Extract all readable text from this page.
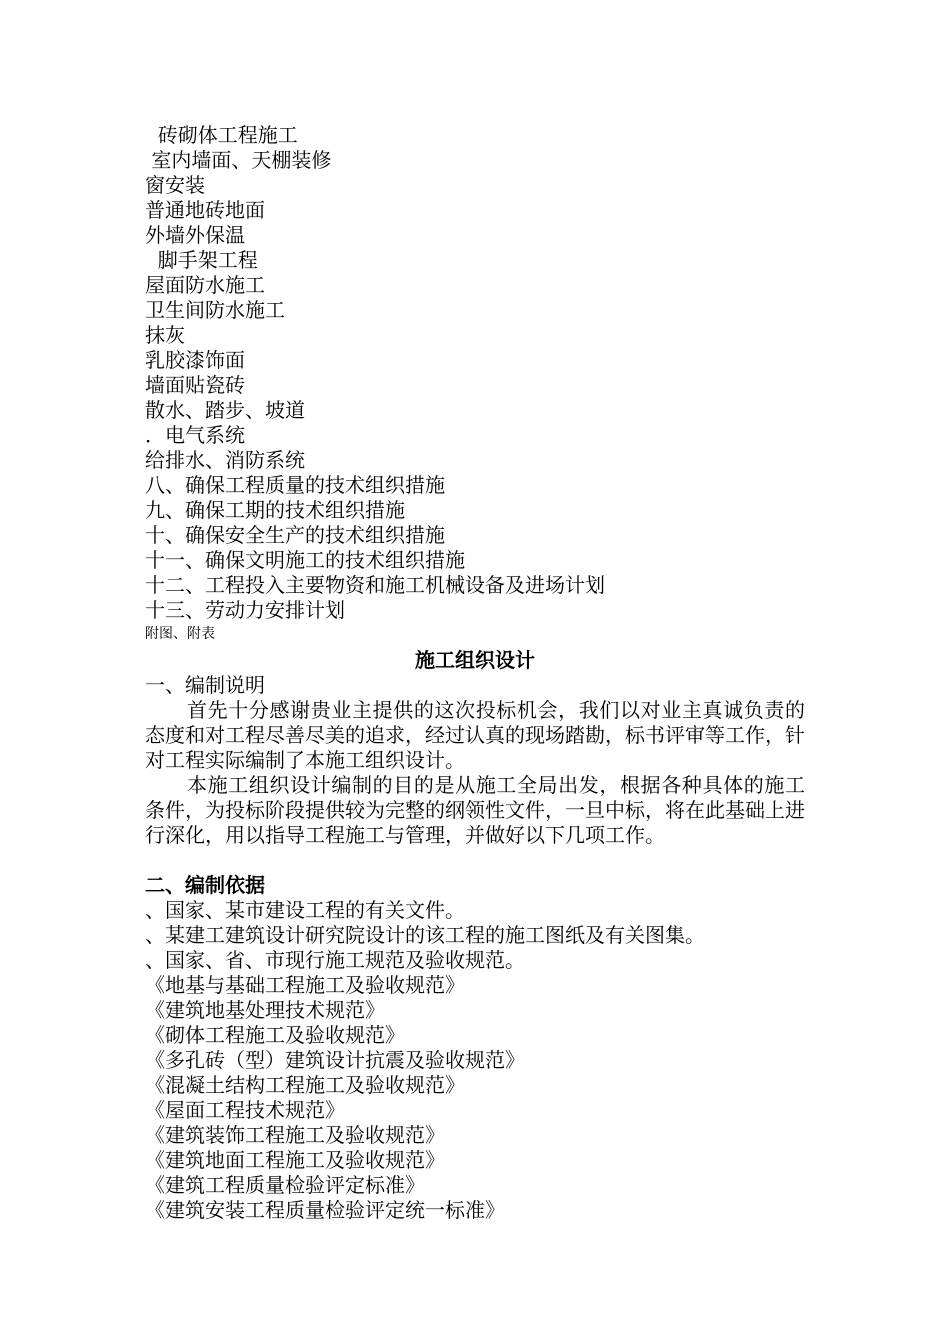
砖砌体工程施工
室内墙面、天棚装修
窗安装
普通地砖地面
外墙外保温
脚手架工程
屋面防水施工
卫生间防水施工
抹灰
乳胶漆饰面
墙面贴瓷砖
散水、踏步、坡道
．电气系统
给排水、消防系统
八、确保工程质量的技术组织措施
九、确保工期的技术组织措施
十、确保安全生产的技术组织措施
十一、确保文明施工的技术组织措施
十二、工程投入主要物资和施工机械设备及进场计划
十三、劳动力安排计划
附图、附表
施工组织设计
一、编制说明

首先十分感谢贵业主提供的这次投标机会，我们以对业主真诚负责的态度和对工程尽善尽美的追求，经过认真的现场踏勘，标书评审等工作，针对工程实际编制了本施工组织设计。

本施工组织设计编制的目的是从施工全局出发，根据各种具体的施工条件，为投标阶段提供较为完整的纲领性文件，一旦中标，将在此基础上进行深化，用以指导工程施工与管理，并做好以下几项工作。

二、编制依据
、国家、某市建设工程的有关文件。
、某建工建筑设计研究院设计的该工程的施工图纸及有关图集。
、国家、省、市现行施工规范及验收规范。
《地基与基础工程施工及验收规范》
《建筑地基处理技术规范》
《砌体工程施工及验收规范》
《多孔砖（型）建筑设计抗震及验收规范》
《混凝土结构工程施工及验收规范》
《屋面工程技术规范》
《建筑装饰工程施工及验收规范》
《建筑地面工程施工及验收规范》
《建筑工程质量检验评定标准》
《建筑安装工程质量检验评定统一标准》
